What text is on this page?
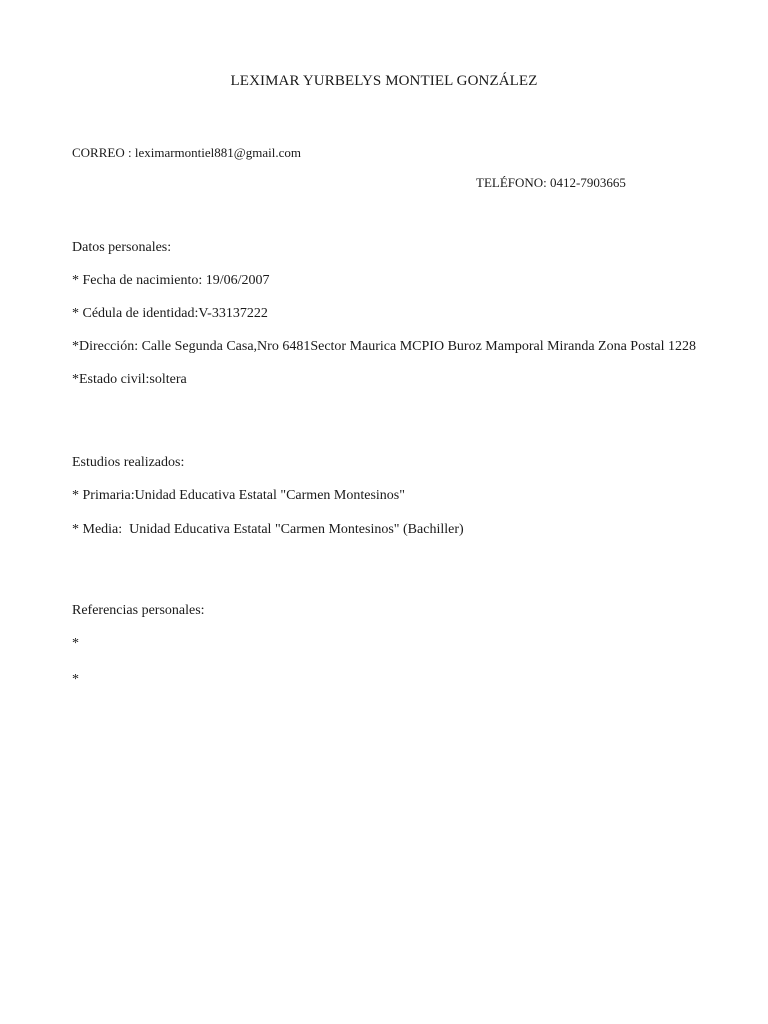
LEXIMAR YURBELYS MONTIEL GONZÁLEZ
CORREO : leximarmontiel881@gmail.com
TELÉFONO: 0412-7903665
Datos personales:
* Fecha de nacimiento: 19/06/2007
* Cédula de identidad:V-33137222
*Dirección: Calle Segunda Casa,Nro 6481Sector Maurica MCPIO Buroz Mamporal Miranda Zona Postal 1228
*Estado civil:soltera
Estudios realizados:
* Primaria:Unidad Educativa Estatal "Carmen Montesinos"
* Media:  Unidad Educativa Estatal "Carmen Montesinos" (Bachiller)
Referencias personales:
*
*
